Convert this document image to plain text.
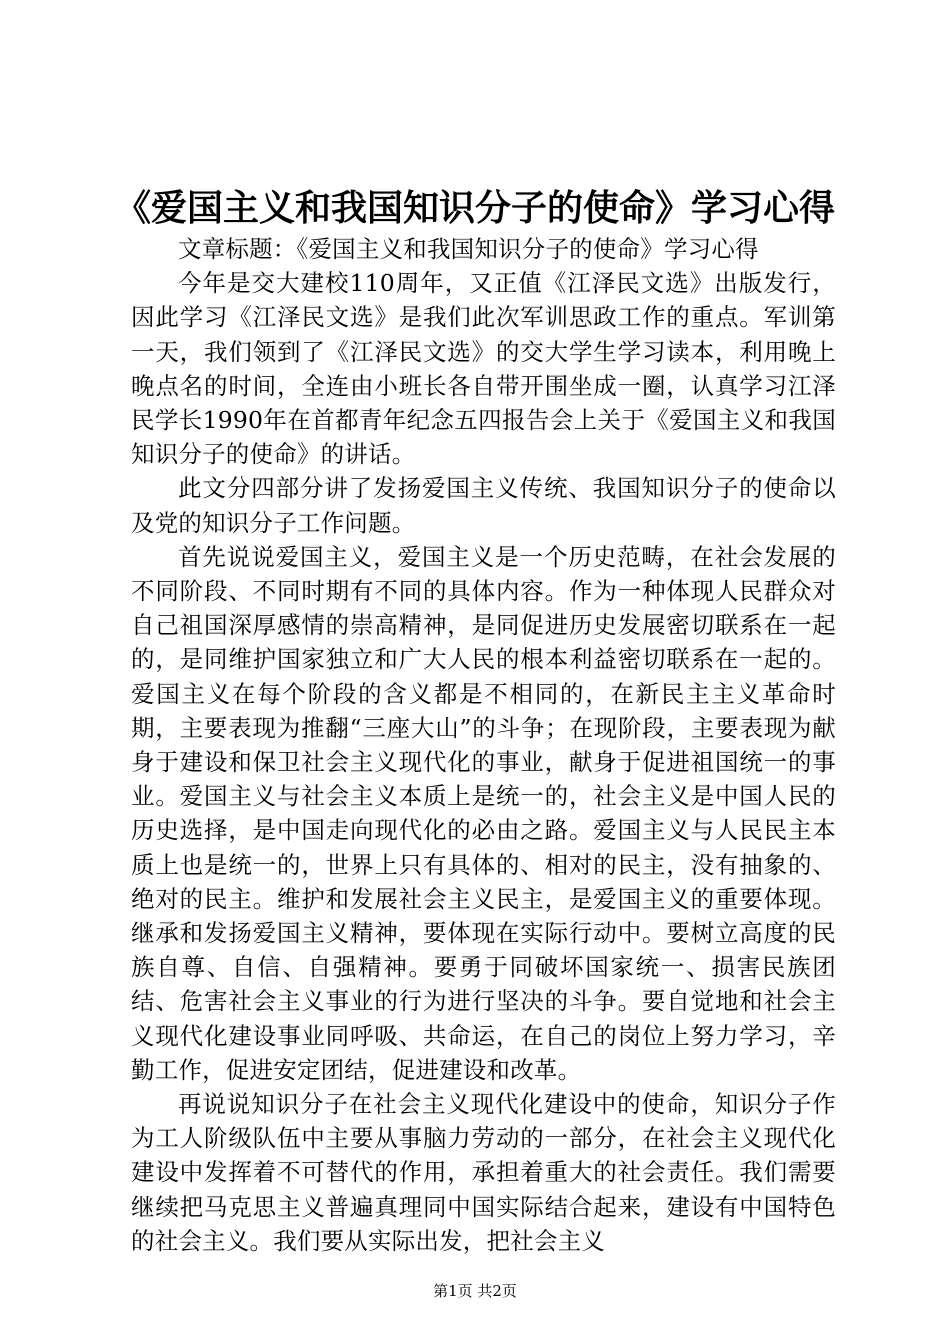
《爱国主义和我国知识分子的使命》学习心得

文章标题：《爱国主义和我国知识分子的使命》学习心得

今年是交大建校110周年，又正值《江泽民文选》出版发行，因此学习《江泽民文选》是我们此次军训思政工作的重点。军训第一天，我们领到了《江泽民文选》的交大学生学习读本，利用晚上晚点名的时间，全连由小班长各自带开围坐成一圈，认真学习江泽民学长1990年在首都青年纪念五四报告会上关于《爱国主义和我国知识分子的使命》的讲话。

此文分四部分讲了发扬爱国主义传统、我国知识分子的使命以及党的知识分子工作问题。

首先说说爱国主义，爱国主义是一个历史范畴，在社会发展的不同阶段、不同时期有不同的具体内容。作为一种体现人民群众对自己祖国深厚感情的崇高精神，是同促进历史发展密切联系在一起的，是同维护国家独立和广大人民的根本利益密切联系在一起的。爱国主义在每个阶段的含义都是不相同的，在新民主主义革命时期，主要表现为推翻“三座大山”的斗争；在现阶段，主要表现为献身于建设和保卫社会主义现代化的事业，献身于促进祖国统一的事业。爱国主义与社会主义本质上是统一的，社会主义是中国人民的历史选择，是中国走向现代化的必由之路。爱国主义与人民民主本质上也是统一的，世界上只有具体的、相对的民主，没有抽象的、绝对的民主。维护和发展社会主义民主，是爱国主义的重要体现。继承和发扬爱国主义精神，要体现在实际行动中。要树立高度的民族自尊、自信、自强精神。要勇于同破坏国家统一、损害民族团结、危害社会主义事业的行为进行坚决的斗争。要自觉地和社会主义现代化建设事业同呼吸、共命运，在自己的岗位上努力学习，辛勤工作，促进安定团结，促进建设和改革。

再说说知识分子在社会主义现代化建设中的使命，知识分子作为工人阶级队伍中主要从事脑力劳动的一部分，在社会主义现代化建设中发挥着不可替代的作用，承担着重大的社会责任。我们需要继续把马克思主义普遍真理同中国实际结合起来，建设有中国特色的社会主义。我们要从实际出发，把社会主义

第1页 共2页
